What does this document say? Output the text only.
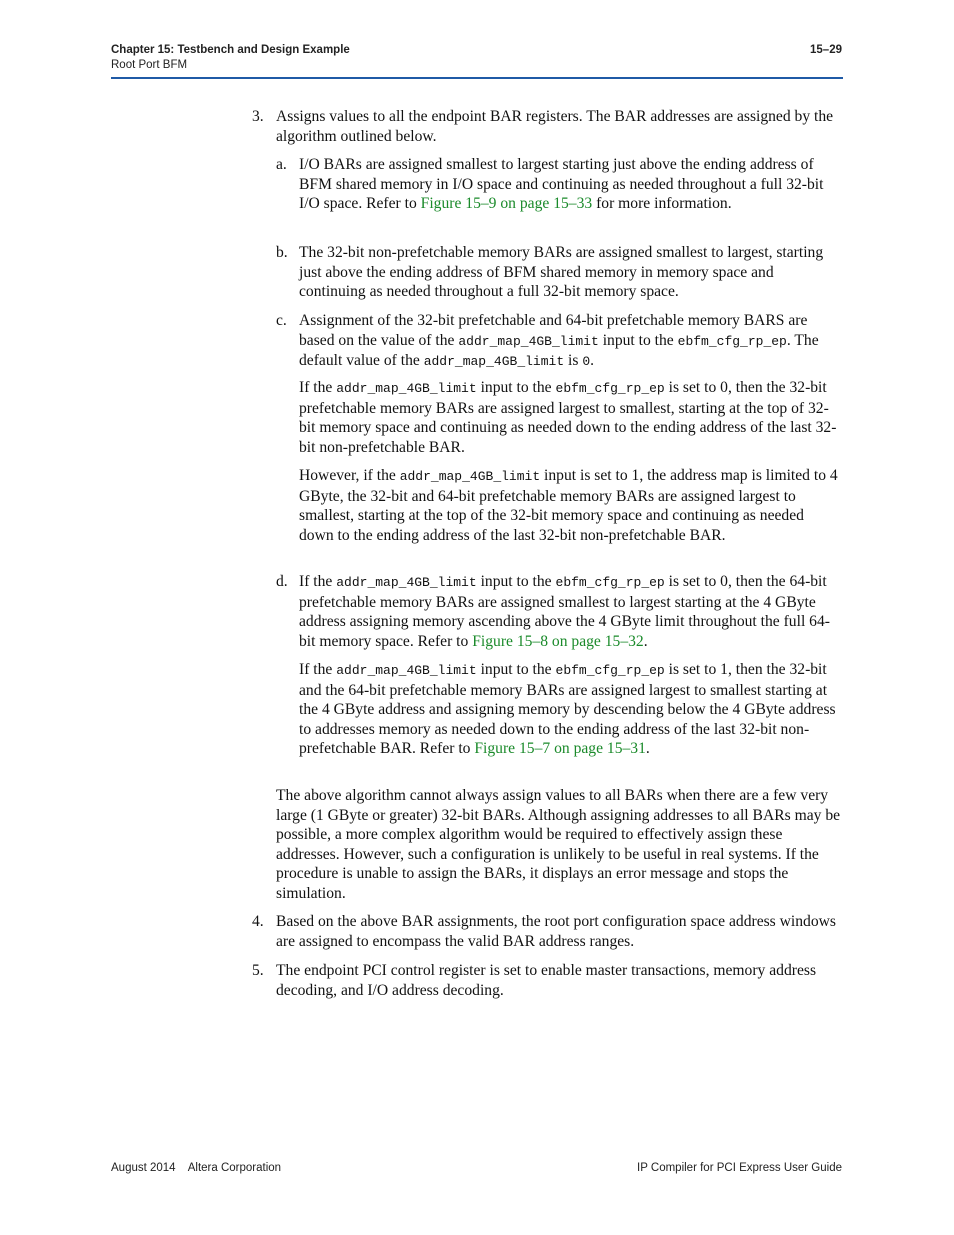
Chapter 15: Testbench and Design Example
Root Port BFM
15–29
3. Assigns values to all the endpoint BAR registers. The BAR addresses are assigned by the algorithm outlined below.

a. I/O BARs are assigned smallest to largest starting just above the ending address of BFM shared memory in I/O space and continuing as needed throughout a full 32-bit I/O space. Refer to Figure 15–9 on page 15–33 for more information.

b. The 32-bit non-prefetchable memory BARs are assigned smallest to largest, starting just above the ending address of BFM shared memory in memory space and continuing as needed throughout a full 32-bit memory space.

c. Assignment of the 32-bit prefetchable and 64-bit prefetchable memory BARS are based on the value of the addr_map_4GB_limit input to the ebfm_cfg_rp_ep. The default value of the addr_map_4GB_limit is 0.

If the addr_map_4GB_limit input to the ebfm_cfg_rp_ep is set to 0, then the 32-bit prefetchable memory BARs are assigned largest to smallest, starting at the top of 32-bit memory space and continuing as needed down to the ending address of the last 32-bit non-prefetchable BAR.

However, if the addr_map_4GB_limit input is set to 1, the address map is limited to 4 GByte, the 32-bit and 64-bit prefetchable memory BARs are assigned largest to smallest, starting at the top of the 32-bit memory space and continuing as needed down to the ending address of the last 32-bit non-prefetchable BAR.

d. If the addr_map_4GB_limit input to the ebfm_cfg_rp_ep is set to 0, then the 64-bit prefetchable memory BARs are assigned smallest to largest starting at the 4 GByte address assigning memory ascending above the 4 GByte limit throughout the full 64-bit memory space. Refer to Figure 15–8 on page 15–32.

If the addr_map_4GB_limit input to the ebfm_cfg_rp_ep is set to 1, then the 32-bit and the 64-bit prefetchable memory BARs are assigned largest to smallest starting at the 4 GByte address and assigning memory by descending below the 4 GByte address to addresses memory as needed down to the ending address of the last 32-bit non-prefetchable BAR. Refer to Figure 15–7 on page 15–31.

The above algorithm cannot always assign values to all BARs when there are a few very large (1 GByte or greater) 32-bit BARs. Although assigning addresses to all BARs may be possible, a more complex algorithm would be required to effectively assign these addresses. However, such a configuration is unlikely to be useful in real systems. If the procedure is unable to assign the BARs, it displays an error message and stops the simulation.

4. Based on the above BAR assignments, the root port configuration space address windows are assigned to encompass the valid BAR address ranges.

5. The endpoint PCI control register is set to enable master transactions, memory address decoding, and I/O address decoding.

August 2014    Altera Corporation	IP Compiler for PCI Express User Guide
